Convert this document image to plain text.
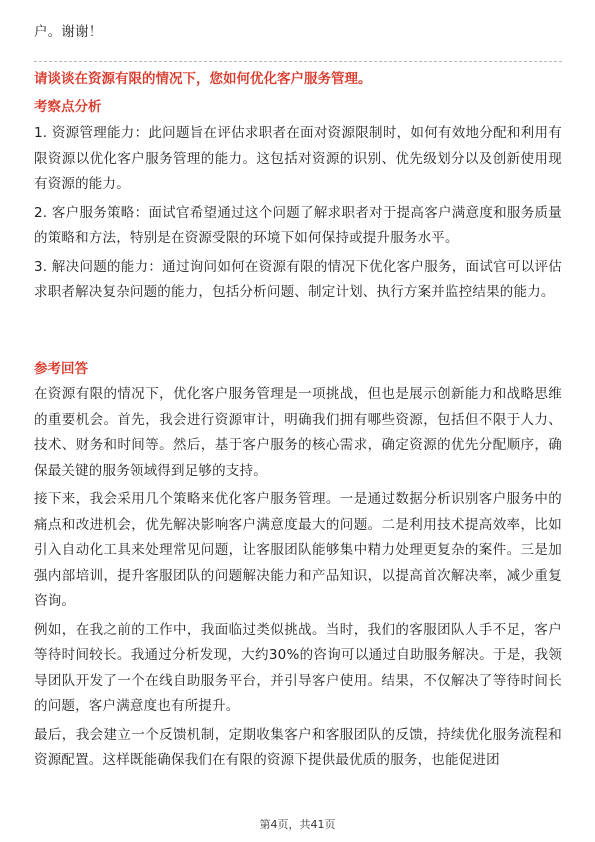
户。谢谢！
请谈谈在资源有限的情况下，您如何优化客户服务管理。
考察点分析

1. 资源管理能力：此问题旨在评估求职者在面对资源限制时，如何有效地分配和利用有限资源以优化客户服务管理的能力。这包括对资源的识别、优先级划分以及创新使用现有资源的能力。

2. 客户服务策略：面试官希望通过这个问题了解求职者对于提高客户满意度和服务质量的策略和方法，特别是在资源受限的环境下如何保持或提升服务水平。

3. 解决问题的能力：通过询问如何在资源有限的情况下优化客户服务，面试官可以评估求职者解决复杂问题的能力，包括分析问题、制定计划、执行方案并监控结果的能力。

参考回答

在资源有限的情况下，优化客户服务管理是一项挑战，但也是展示创新能力和战略思维的重要机会。首先，我会进行资源审计，明确我们拥有哪些资源，包括但不限于人力、技术、财务和时间等。然后，基于客户服务的核心需求，确定资源的优先分配顺序，确保最关键的服务领域得到足够的支持。

接下来，我会采用几个策略来优化客户服务管理。一是通过数据分析识别客户服务中的痛点和改进机会，优先解决影响客户满意度最大的问题。二是利用技术提高效率，比如引入自动化工具来处理常见问题，让客服团队能够集中精力处理更复杂的案件。三是加强内部培训，提升客服团队的问题解决能力和产品知识，以提高首次解决率，减少重复咨询。

例如，在我之前的工作中，我面临过类似挑战。当时，我们的客服团队人手不足，客户等待时间较长。我通过分析发现，大约30%的咨询可以通过自助服务解决。于是，我领导团队开发了一个在线自助服务平台，并引导客户使用。结果，不仅解决了等待时间长的问题，客户满意度也有所提升。

最后，我会建立一个反馈机制，定期收集客户和客服团队的反馈，持续优化服务流程和资源配置。这样既能确保我们在有限的资源下提供最优质的服务，也能促进团

第4页，共41页
